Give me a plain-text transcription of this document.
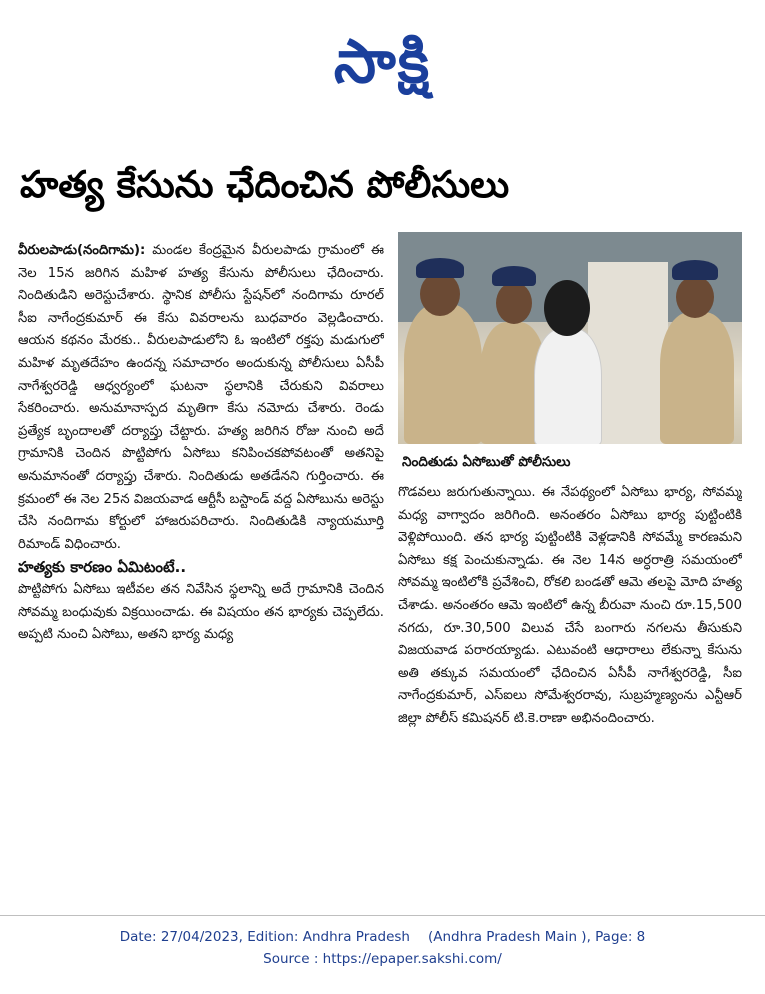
సాక్షి
హత్య కేసును ఛేదించిన పోలీసులు

వీరులపాడు(నందిగామ): మండల కేంద్రమైన వీరులపాడు గ్రామంలో ఈ నెల 15న జరిగిన మహిళ హత్య కేసును పోలీసులు ఛేదించారు. నిందితుడిని అరెస్టుచేశారు. స్థానిక పోలీసు స్టేషన్‌లో నందిగామ రూరల్ సీఐ నాగేంద్రకుమార్ ఈ కేసు వివరాలను బుధవారం వెల్లడించారు. ఆయన కథనం మేరకు.. వీరులపాడులోని ఓ ఇంటిలో రక్తపు మడుగులో మహిళ మృతదేహం ఉందన్న సమాచారం అందుకున్న పోలీసులు ఏసీపీ నాగేశ్వరరెడ్డి ఆధ్వర్యంలో ఘటనా స్థలానికి చేరుకుని వివరాలు సేకరించారు. అనుమానాస్పద మృతిగా కేసు నమోదు చేశారు. రెండు ప్రత్యేక బృందాలతో దర్యాప్తు చేట్టారు. హత్య జరిగిన రోజు నుంచి అదే గ్రామానికి చెందిన పొట్టిపోగు ఏసోబు కనిపించకపోవటంతో అతనిపై అనుమానంతో దర్యాప్తు చేశారు. నిందితుడు అతడేనని గుర్తించారు. ఈ క్రమంలో ఈ నెల 25న విజయవాడ ఆర్టీసీ బస్టాండ్ వద్ద ఏసోబును అరెస్టు చేసి నందిగామ కోర్టులో హాజరుపరిచారు. నిందితుడికి న్యాయమూర్తి రిమాండ్ విధించారు.

హత్యకు కారణం ఏమిటంటే..

పొట్టిపోగు ఏసోబు ఇటీవల తన నివేసిన స్థలాన్ని అదే గ్రామానికి చెందిన సోవమ్మ బంధువుకు విక్రయించాడు. ఈ విషయం తన భార్యకు చెప్పలేదు. అప్పటి నుంచి ఏసోబు, అతని భార్య మధ్య

నిందితుడు ఏసోబుతో పోలీసులు

గొడవలు జరుగుతున్నాయి. ఈ నేపథ్యంలో ఏసోబు భార్య, సోవమ్మ మధ్య వాగ్వాదం జరిగింది. అనంతరం ఏసోబు భార్య పుట్టింటికి వెళ్లిపోయింది. తన భార్య పుట్టింటికి వెళ్లడానికి సోవమ్మే కారణమని ఏసోబు కక్ష పెంచుకున్నాడు. ఈ నెల 14న అర్ధరాత్రి సమయంలో సోవమ్మ ఇంటిలోకి ప్రవేశించి, రోకలి బండతో ఆమె తలపై మోది హత్య చేశాడు. అనంతరం ఆమె ఇంటిలో ఉన్న బీరువా నుంచి రూ.15,500 నగదు, రూ.30,500 విలువ చేసే బంగారు నగలను తీసుకుని విజయవాడ పరారయ్యాడు. ఎటువంటి ఆధారాలు లేకున్నా కేసును అతి తక్కువ సమయంలో ఛేదించిన ఏసీపీ నాగేశ్వరరెడ్డి, సీఐ నాగేంద్రకుమార్, ఎస్ఐలు సోమేశ్వరరావు, సుబ్రహ్మణ్యంను ఎన్టీఆర్ జిల్లా పోలీస్ కమిషనర్ టి.కె.రాణా అభినందించారు.

Date: 27/04/2023, Edition: Andhra Pradesh (Andhra Pradesh Main ), Page: 8
Source : https://epaper.sakshi.com/
